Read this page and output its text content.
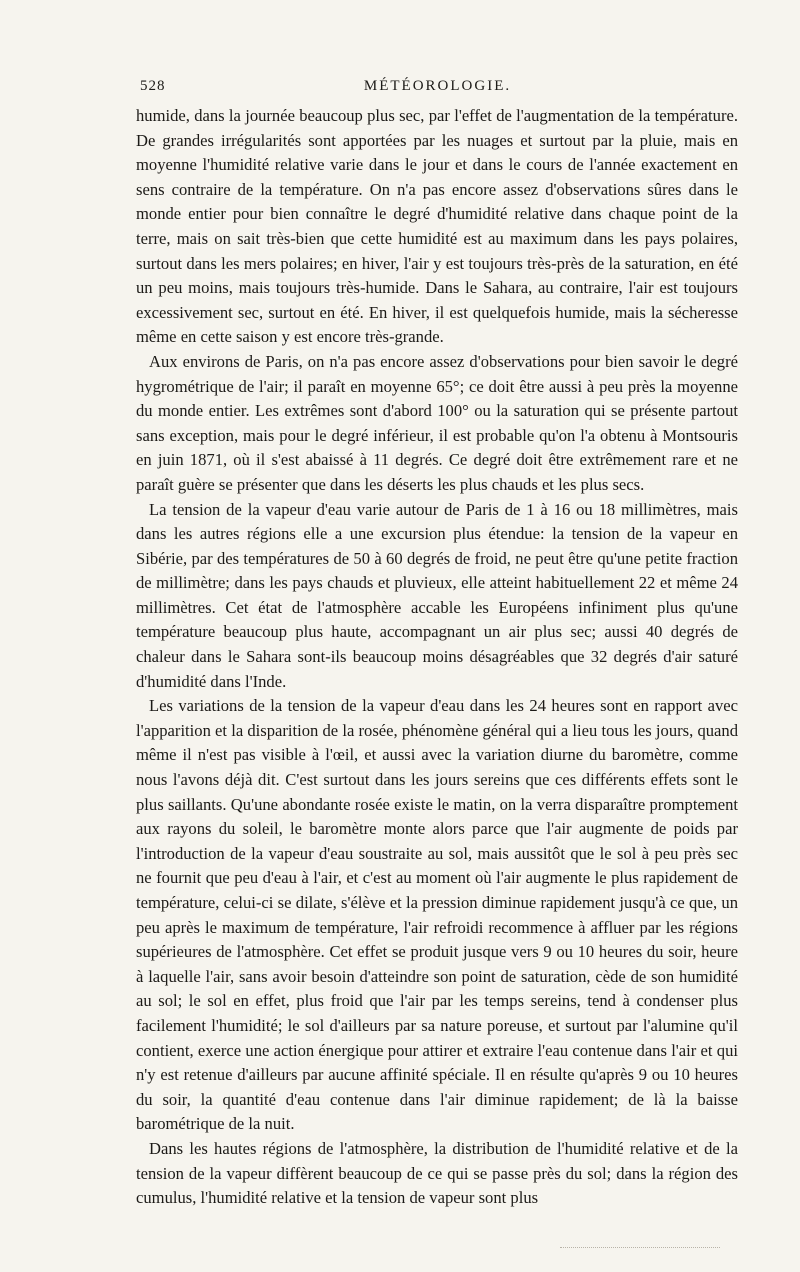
528	MÉTÉOROLOGIE.

humide, dans la journée beaucoup plus sec, par l'effet de l'augmentation de la température. De grandes irrégularités sont apportées par les nuages et surtout par la pluie, mais en moyenne l'humidité relative varie dans le jour et dans le cours de l'année exactement en sens contraire de la température. On n'a pas encore assez d'observations sûres dans le monde entier pour bien connaître le degré d'humidité relative dans chaque point de la terre, mais on sait très-bien que cette humidité est au maximum dans les pays polaires, surtout dans les mers polaires; en hiver, l'air y est toujours très-près de la saturation, en été un peu moins, mais toujours très-humide. Dans le Sahara, au contraire, l'air est toujours excessivement sec, surtout en été. En hiver, il est quelquefois humide, mais la sécheresse même en cette saison y est encore très-grande.

Aux environs de Paris, on n'a pas encore assez d'observations pour bien savoir le degré hygrométrique de l'air; il paraît en moyenne 65°; ce doit être aussi à peu près la moyenne du monde entier. Les extrêmes sont d'abord 100° ou la saturation qui se présente partout sans exception, mais pour le degré inférieur, il est probable qu'on l'a obtenu à Montsouris en juin 1871, où il s'est abaissé à 11 degrés. Ce degré doit être extrêmement rare et ne paraît guère se présenter que dans les déserts les plus chauds et les plus secs.

La tension de la vapeur d'eau varie autour de Paris de 1 à 16 ou 18 millimètres, mais dans les autres régions elle a une excursion plus étendue: la tension de la vapeur en Sibérie, par des températures de 50 à 60 degrés de froid, ne peut être qu'une petite fraction de millimètre; dans les pays chauds et pluvieux, elle atteint habituellement 22 et même 24 millimètres. Cet état de l'atmosphère accable les Européens infiniment plus qu'une température beaucoup plus haute, accompagnant un air plus sec; aussi 40 degrés de chaleur dans le Sahara sont-ils beaucoup moins désagréables que 32 degrés d'air saturé d'humidité dans l'Inde.

Les variations de la tension de la vapeur d'eau dans les 24 heures sont en rapport avec l'apparition et la disparition de la rosée, phénomène général qui a lieu tous les jours, quand même il n'est pas visible à l'œil, et aussi avec la variation diurne du baromètre, comme nous l'avons déjà dit. C'est surtout dans les jours sereins que ces différents effets sont le plus saillants. Qu'une abondante rosée existe le matin, on la verra disparaître promptement aux rayons du soleil, le baromètre monte alors parce que l'air augmente de poids par l'introduction de la vapeur d'eau soustraite au sol, mais aussitôt que le sol à peu près sec ne fournit que peu d'eau à l'air, et c'est au moment où l'air augmente le plus rapidement de température, celui-ci se dilate, s'élève et la pression diminue rapidement jusqu'à ce que, un peu après le maximum de température, l'air refroidi recommence à affluer par les régions supérieures de l'atmosphère. Cet effet se produit jusque vers 9 ou 10 heures du soir, heure à laquelle l'air, sans avoir besoin d'atteindre son point de saturation, cède de son humidité au sol; le sol en effet, plus froid que l'air par les temps sereins, tend à condenser plus facilement l'humidité; le sol d'ailleurs par sa nature poreuse, et surtout par l'alumine qu'il contient, exerce une action énergique pour attirer et extraire l'eau contenue dans l'air et qui n'y est retenue d'ailleurs par aucune affinité spéciale. Il en résulte qu'après 9 ou 10 heures du soir, la quantité d'eau contenue dans l'air diminue rapidement; de là la baisse barométrique de la nuit.

Dans les hautes régions de l'atmosphère, la distribution de l'humidité relative et de la tension de la vapeur diffèrent beaucoup de ce qui se passe près du sol; dans la région des cumulus, l'humidité relative et la tension de vapeur sont plus
